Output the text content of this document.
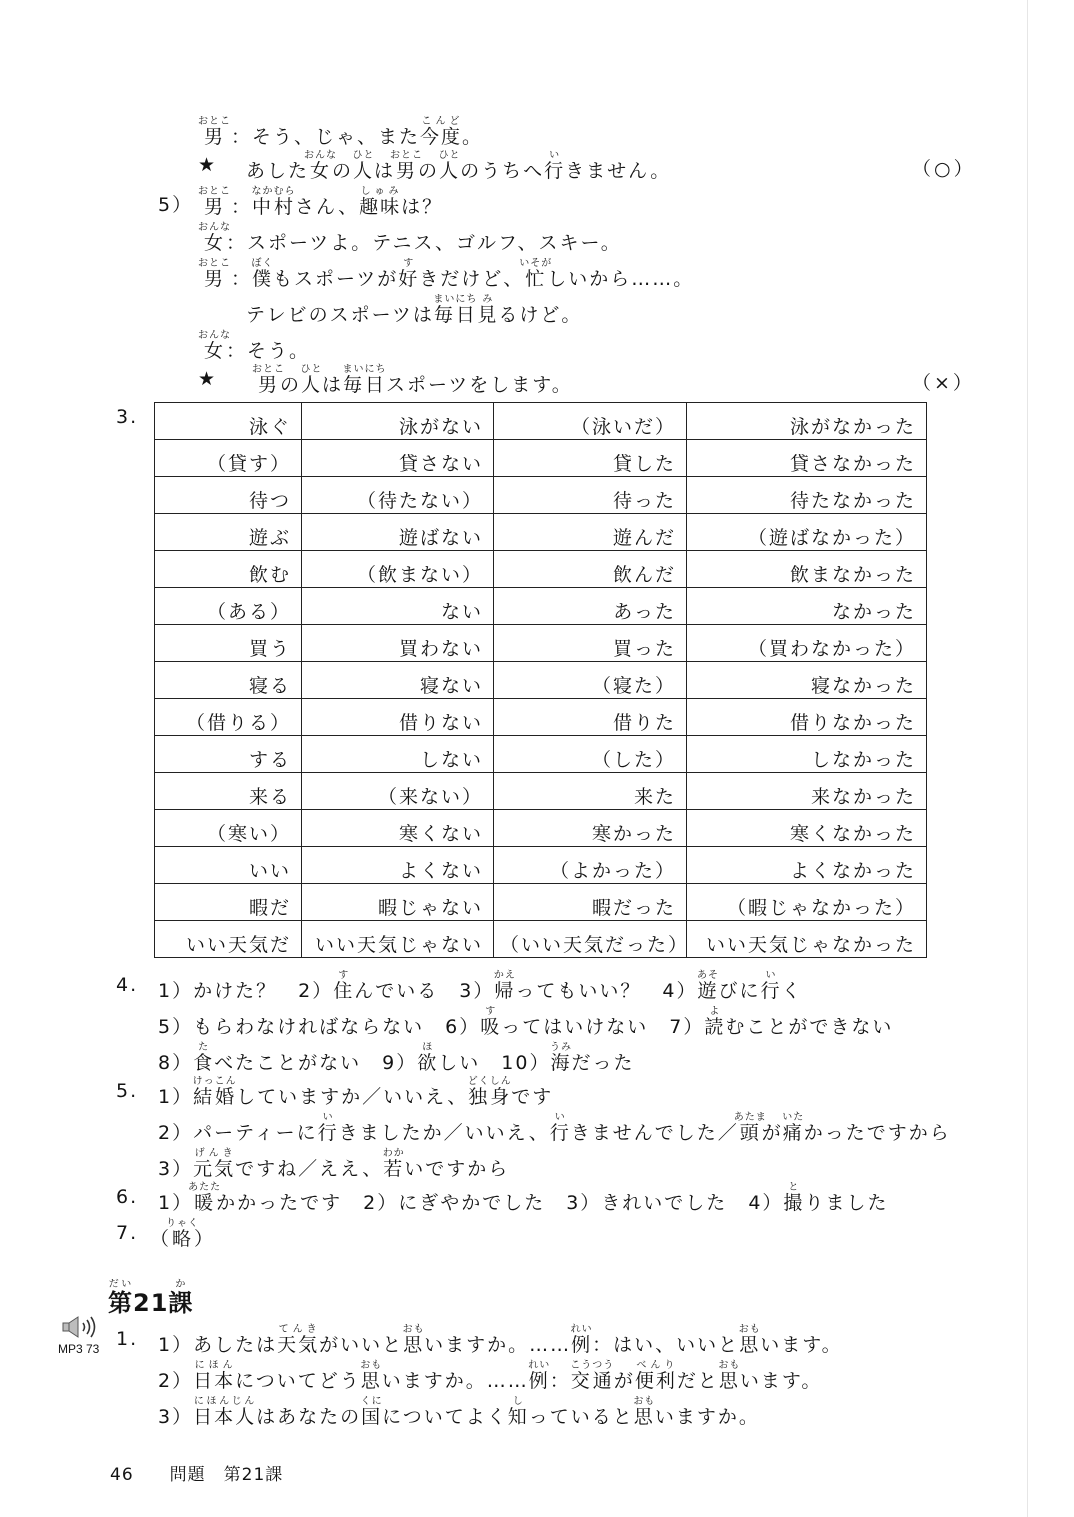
男おとこ
：そう、じゃ、また今度こんど。
★ あした女おんなの人ひとは男おとこの人ひとのうちへ行いきません。	（○）
5） 男おとこ
：中村なかむらさん、趣味しゅみは？
女おんな：スポーツよ。テニス、ゴルフ、スキー。
男おとこ
：僕ぼくもスポーツが好すきだけど、忙いそがしいから……。
テレビのスポーツは毎日まいにち見みるけど。
女おんな：そう。
★ 男おとこの人ひとは毎日まいにちスポーツをします。	（×）
3.	泳ぐ	泳がない	（泳いだ）	泳がなかった
（貸す）	貸さない	貸した	貸さなかった
待つ	（待たない）	待った	待たなかった
遊ぶ	遊ばない	遊んだ	（遊ばなかった）
飲む	（飲まない）	飲んだ	飲まなかった
（ある）	ない	あった	なかった
買う	買わない	買った	（買わなかった）
寝る	寝ない	（寝た）	寝なかった
（借りる）	借りない	借りた	借りなかった
する	しない	（した）	しなかった
来る	（来ない）	来た	来なかった
（寒い）	寒くない	寒かった	寒くなかった
いい	よくない	（よかった）	よくなかった
暇だ	暇じゃない	暇だった	（暇じゃなかった）
いい天気だ	いい天気じゃない	（いい天気だった）	いい天気じゃなかった
4. 1）かけた？　 2）住すんでいる　 3）帰かえってもいい？　 4）遊あそびに行いく
5）もらわなければならない　 6）吸すってはいけない　 7）読よむことができない
8）食たべたことがない　 9）欲ほしい　 10）海うみだった
5. 1）結婚けっこんしていますか／いいえ、独身どくしんです
2）パーティーに行いきましたか／いいえ、行いきませんでした／頭あたまが痛いたかったですから
3）元気げんきですね／ええ、若わかいですから
6. 1）暖あたたかかったです　 2）にぎやかでした　 3）きれいでした　 4）撮とりました
7. （略りゃく）
第だい21課か
MP3 73 1. 1）あしたは天気てんきがいいと思おもいますか。……例れい：はい、いいと思おもいます。
2）日本にほんについてどう思おもいますか。……例れい：交通こうつうが便利べんりだと思おもいます。
3）日本人にほんじんはあなたの国くにについてよく知しっていると思おもいますか。
46　　 問題　第21課
